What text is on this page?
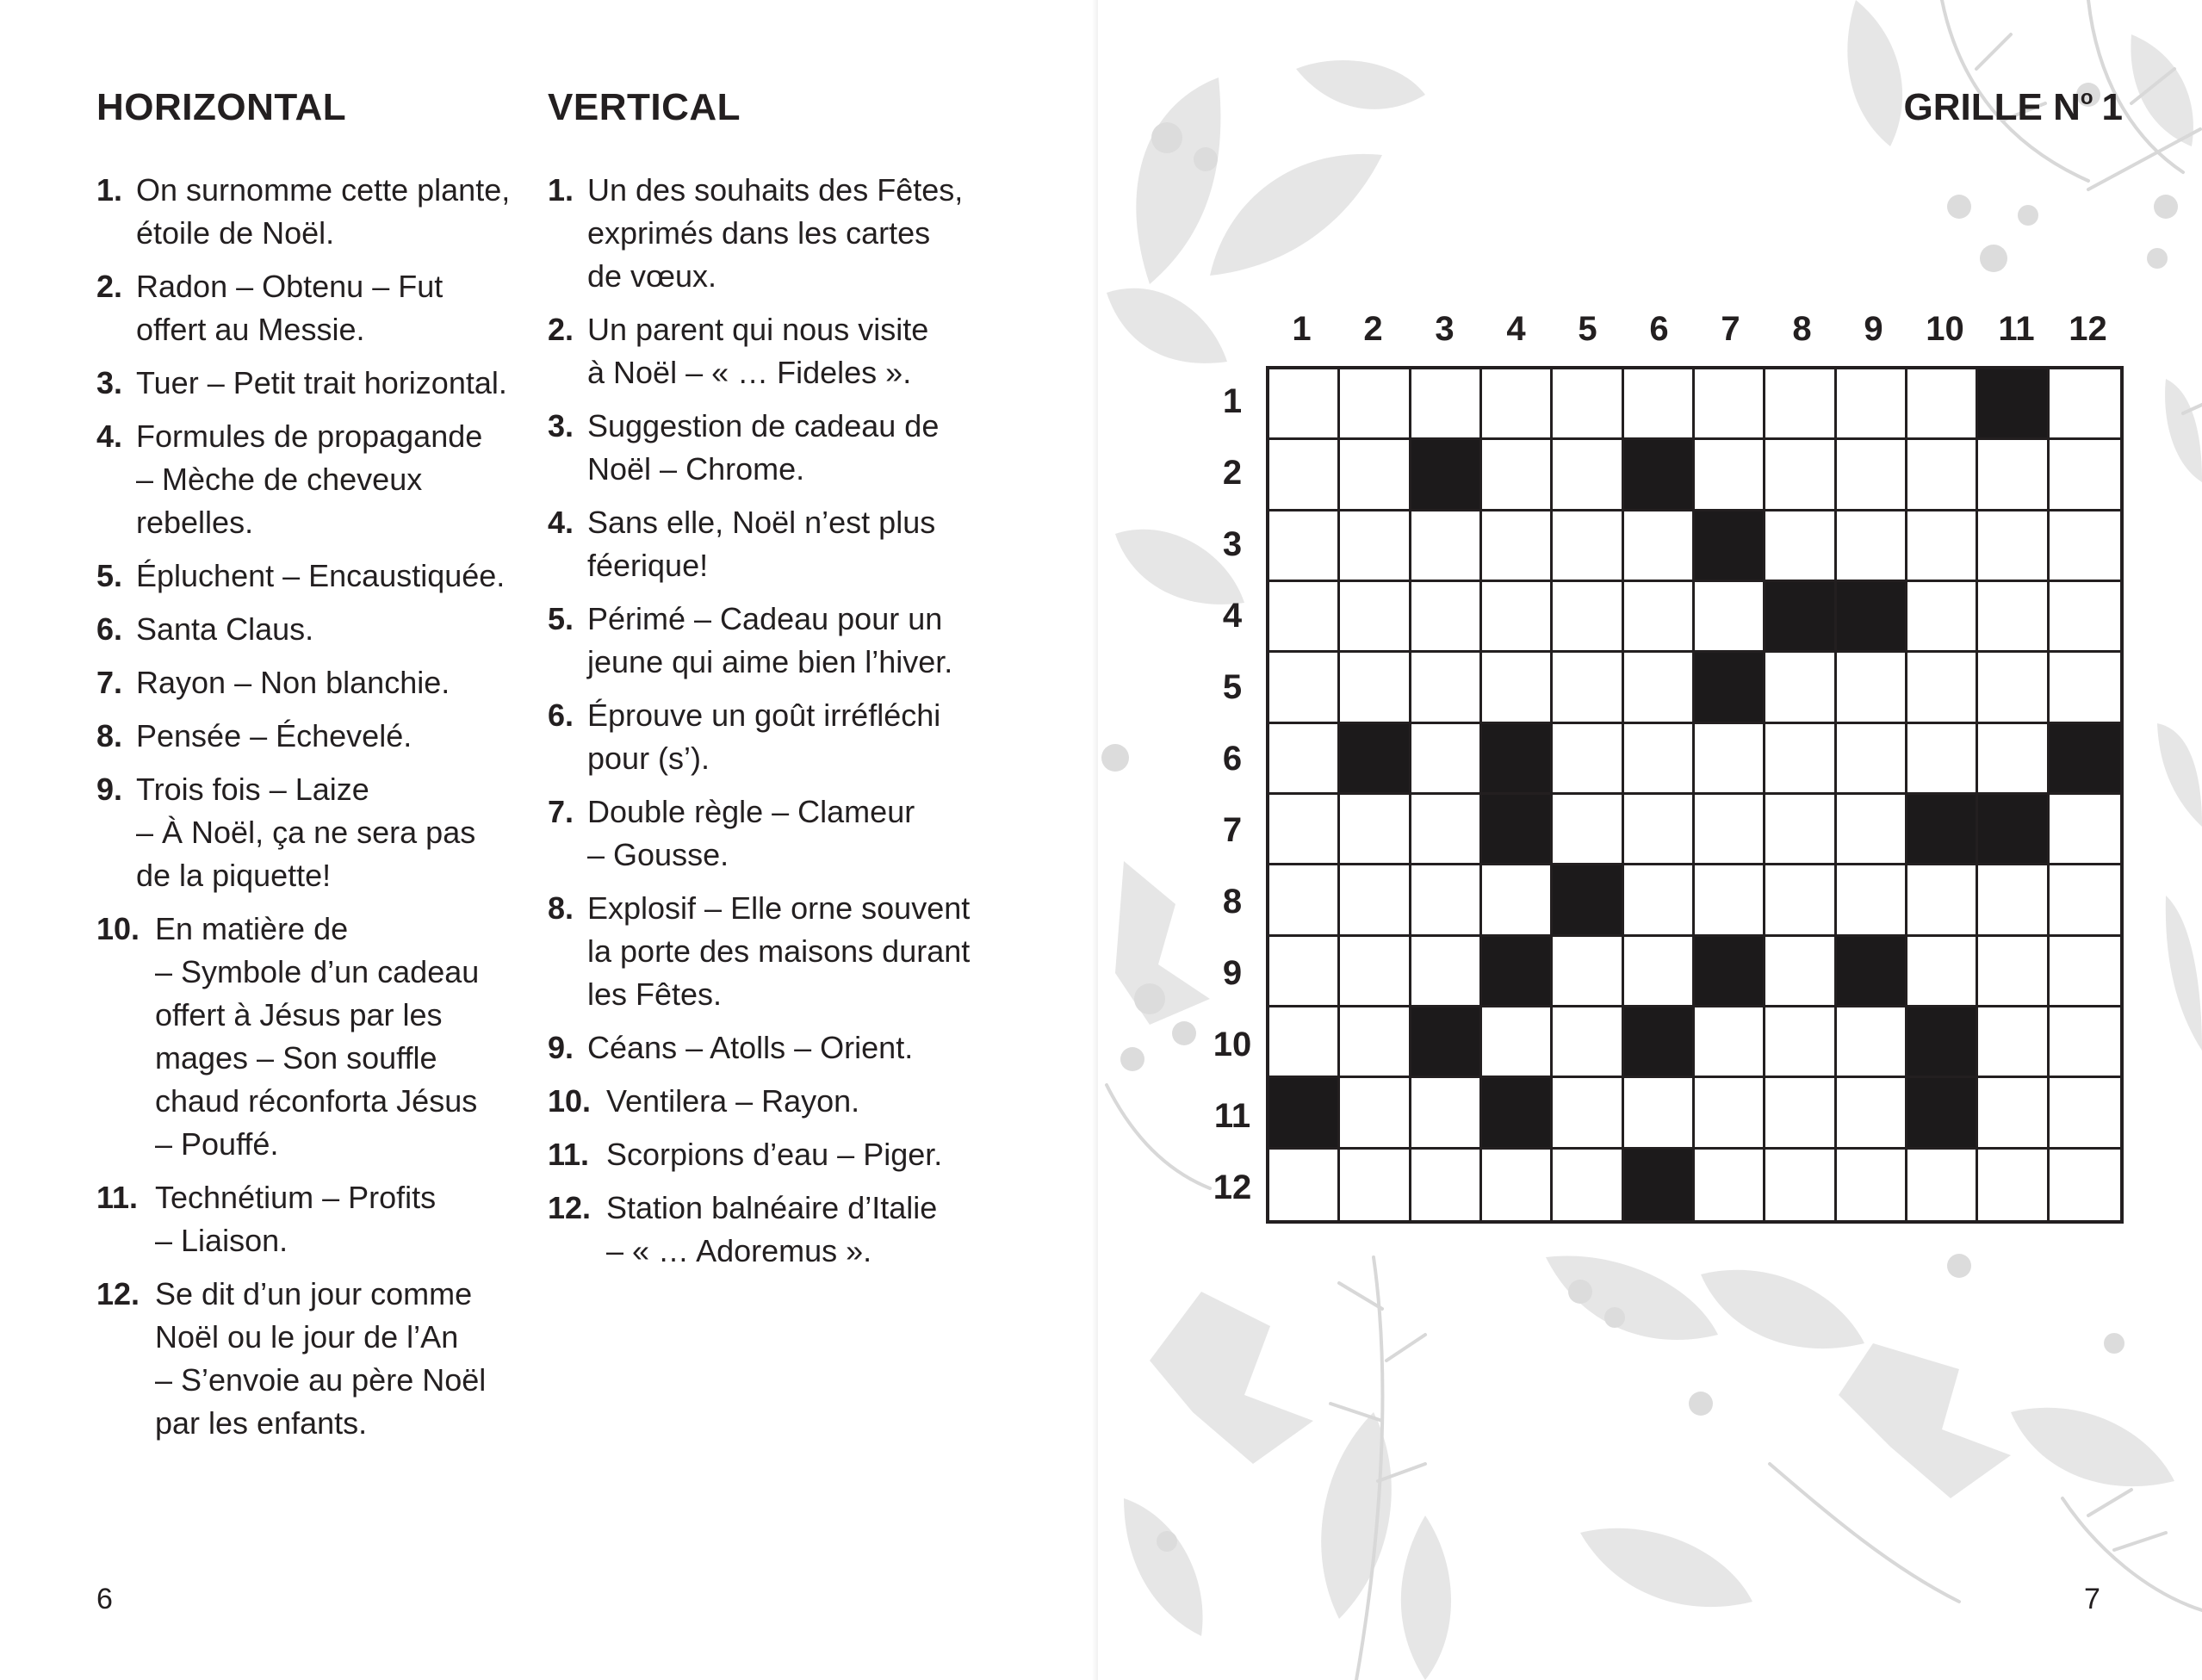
HORIZONTAL	VERTICAL
1. On surnomme cette plante,
étoile de Noël.
2. Radon – Obtenu – Fut
offert au Messie.
3. Tuer – Petit trait horizontal.
4. Formules de propagande
– Mèche de cheveux
rebelles.
5. Épluchent – Encaustiquée.
6. Santa Claus.
7. Rayon – Non blanchie.
8. Pensée – Échevelé.
9. Trois fois – Laize
– À Noël, ça ne sera pas
de la piquette!
10. En matière de
– Symbole d’un cadeau
offert à Jésus par les
mages – Son souffle
chaud réconforta Jésus
– Pouffé.
11. Technétium – Profits
– Liaison.
12. Se dit d’un jour comme
Noël ou le jour de l’An
– S’envoie au père Noël
par les enfants.
1. Un des souhaits des Fêtes,
exprimés dans les cartes
de vœux.
2. Un parent qui nous visite
à Noël – « … Fideles ».
3. Suggestion de cadeau de
Noël – Chrome.
4. Sans elle, Noël n’est plus
féerique!
5. Périmé – Cadeau pour un
jeune qui aime bien l’hiver.
6. Éprouve un goût irréfléchi
pour (s’).
7. Double règle – Clameur
– Gousse.
8. Explosif – Elle orne souvent
la porte des maisons durant
les Fêtes.
9. Céans – Atolls – Orient.
10. Ventilera – Rayon.
11. Scorpions d’eau – Piger.
12. Station balnéaire d’Italie
– « … Adoremus ».
6
GRILLE $N^o$ 1
7
1	2	3	4	5	6	7	8	9	10 11 12
1
2
3
4
5
6
7
8
9
10
11
12
